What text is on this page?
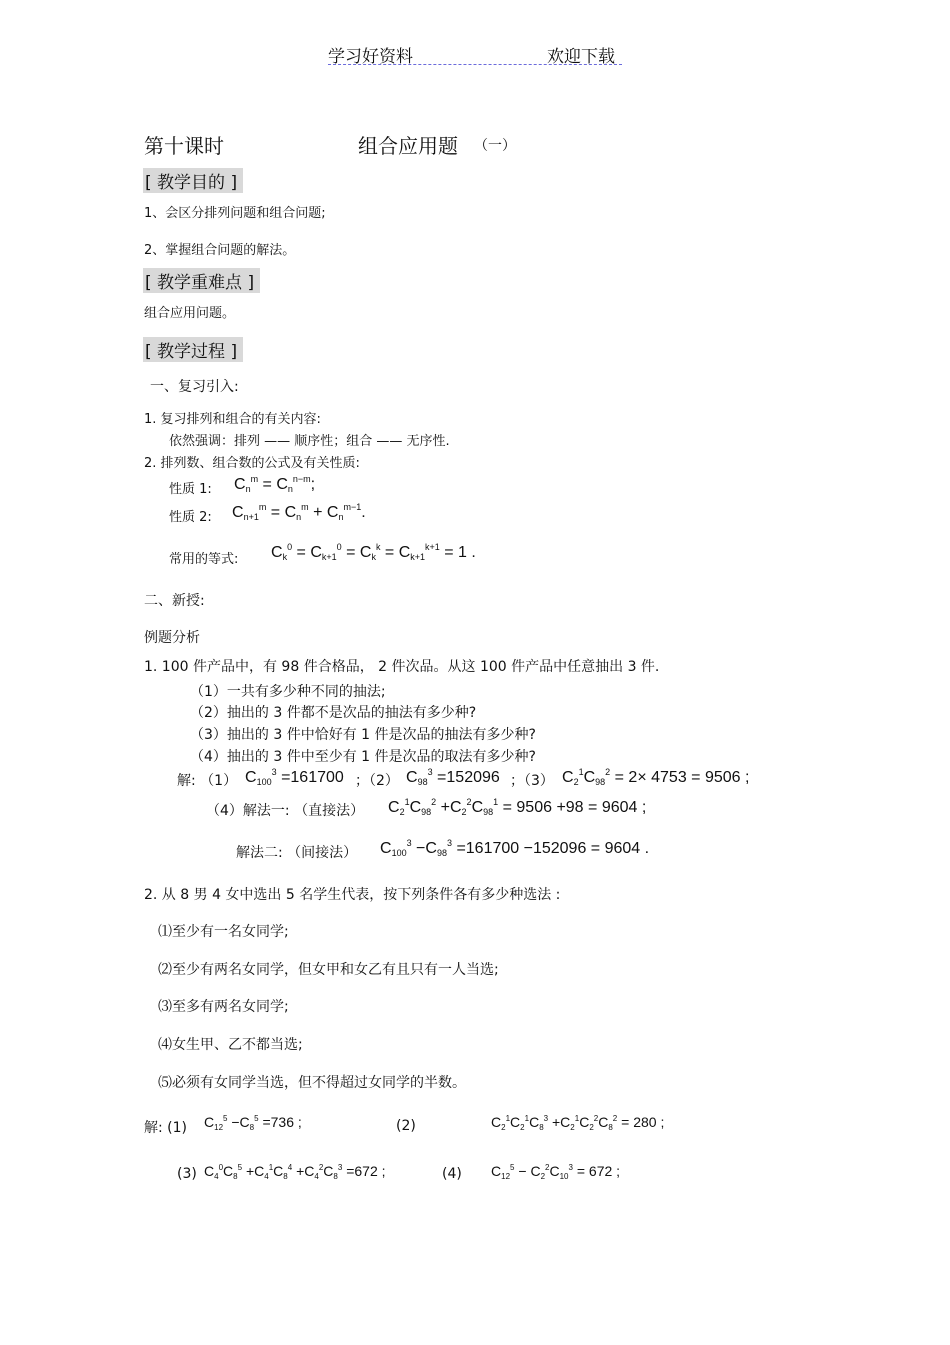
学习好资料	欢迎下载
第十课时	组合应用题 （一）
[ 教学目的 ]
1、会区分排列问题和组合问题;
2、掌握组合问题的解法。
[ 教学重难点 ]
组合应用问题。
[ 教学过程 ]
一、复习引入:
1. 复习排列和组合的有关内容:
依然强调：排列 —— 顺序性；组合 —— 无序性.
2. 排列数、组合数的公式及有关性质:
性质 1: $C_n^m = C_n^{n-m}$;
性质 2: $C_{n+1}^m = C_n^m + C_n^{m-1}$.
常用的等式: $C_k^0 = C_{k+1}^0 = C_k^k = C_{k+1}^{k+1} = 1$ .
二、新授:
例题分析
1. 100 件产品中，有 98 件合格品， 2 件次品。从这 100 件产品中任意抽出 3 件.
（1）一共有多少种不同的抽法;
（2）抽出的 3 件都不是次品的抽法有多少种?
（3）抽出的 3 件中恰好有 1 件是次品的抽法有多少种?
（4）抽出的 3 件中至少有 1 件是次品的取法有多少种?
解: （1） $C_{100}^3 =161700$ ；（2） $C_{98}^3 =152096$ ；（3） $C_2^1C_{98}^2 = 2\times 4753 = 9506$ ;
（4）解法一: （直接法） $C_2^1C_{98}^2 +C_2^2C_{98}^1 = 9506 +98 = 9604$ ;
解法二: （间接法） $C_{100}^3 -C_{98}^3 =161700 -152096 = 9604$ .
2. 从 8 男 4 女中选出 5 名学生代表，按下列条件各有多少种选法 :
⑴至少有一名女同学;
⑵至少有两名女同学，但女甲和女乙有且只有一人当选;
⑶至多有两名女同学;
⑷女生甲、乙不都当选;
⑸必须有女同学当选，但不得超过女同学的半数。
解: (1) $C_{12}^5 -C_8^5 =736$ ;	(2)	$C_2^1C_2^1C_8^3 +C_2^1C_2^2C_8^2 = 280$ ;
(3) $C_4^0C_8^5 +C_4^1C_8^4 +C_4^2C_8^3 =672$ ;	(4) $C_{12}^5 - C_2^2C_{10}^3 = 672$ ;
